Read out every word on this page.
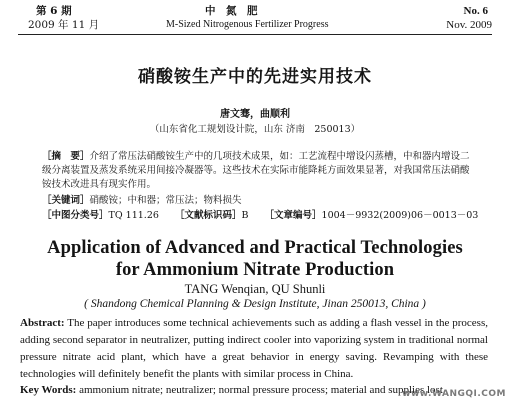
第 6 期
2009 年 11 月
中　氮　肥
M-Sized Nitrogenous Fertilizer Progress
No. 6
Nov. 2009
硝酸铵生产中的先进实用技术
唐文骞，曲顺利
（山东省化工规划设计院，山东 济南　250013）
［摘　要］介绍了常压法硝酸铵生产中的几项技术成果，如：工艺流程中增设闪蒸槽，中和器内增设二级分离装置及蒸发系统采用间接冷凝器等。这些技术在实际市能降耗方面效果显著，对我国常压法硝酸铵技术改进具有现实作用。
［关键词］硝酸铵；中和器；常压法；物料损失
［中图分类号］TQ 111.26 ［文献标识码］B ［文章编号］1004－9932(2009)06－0013－03
Application of Advanced and Practical Technologies
for Ammonium Nitrate Production
TANG Wenqian, QU Shunli
( Shandong Chemical Planning & Design Institute, Jinan 250013, China )
Abstract: The paper introduces some technical achievements such as adding a flash vessel in the process, adding second separator in neutralizer, putting indirect cooler into vaporizing system in traditional normal pressure nitrate acid plant, which have a great behavior in energy saving. Revamping with these technologies will definitely benefit the plants with similar process in China.
Key Words: ammonium nitrate; neutralizer; normal pressure process; material and supplies lost
www.WANGQI.COM
